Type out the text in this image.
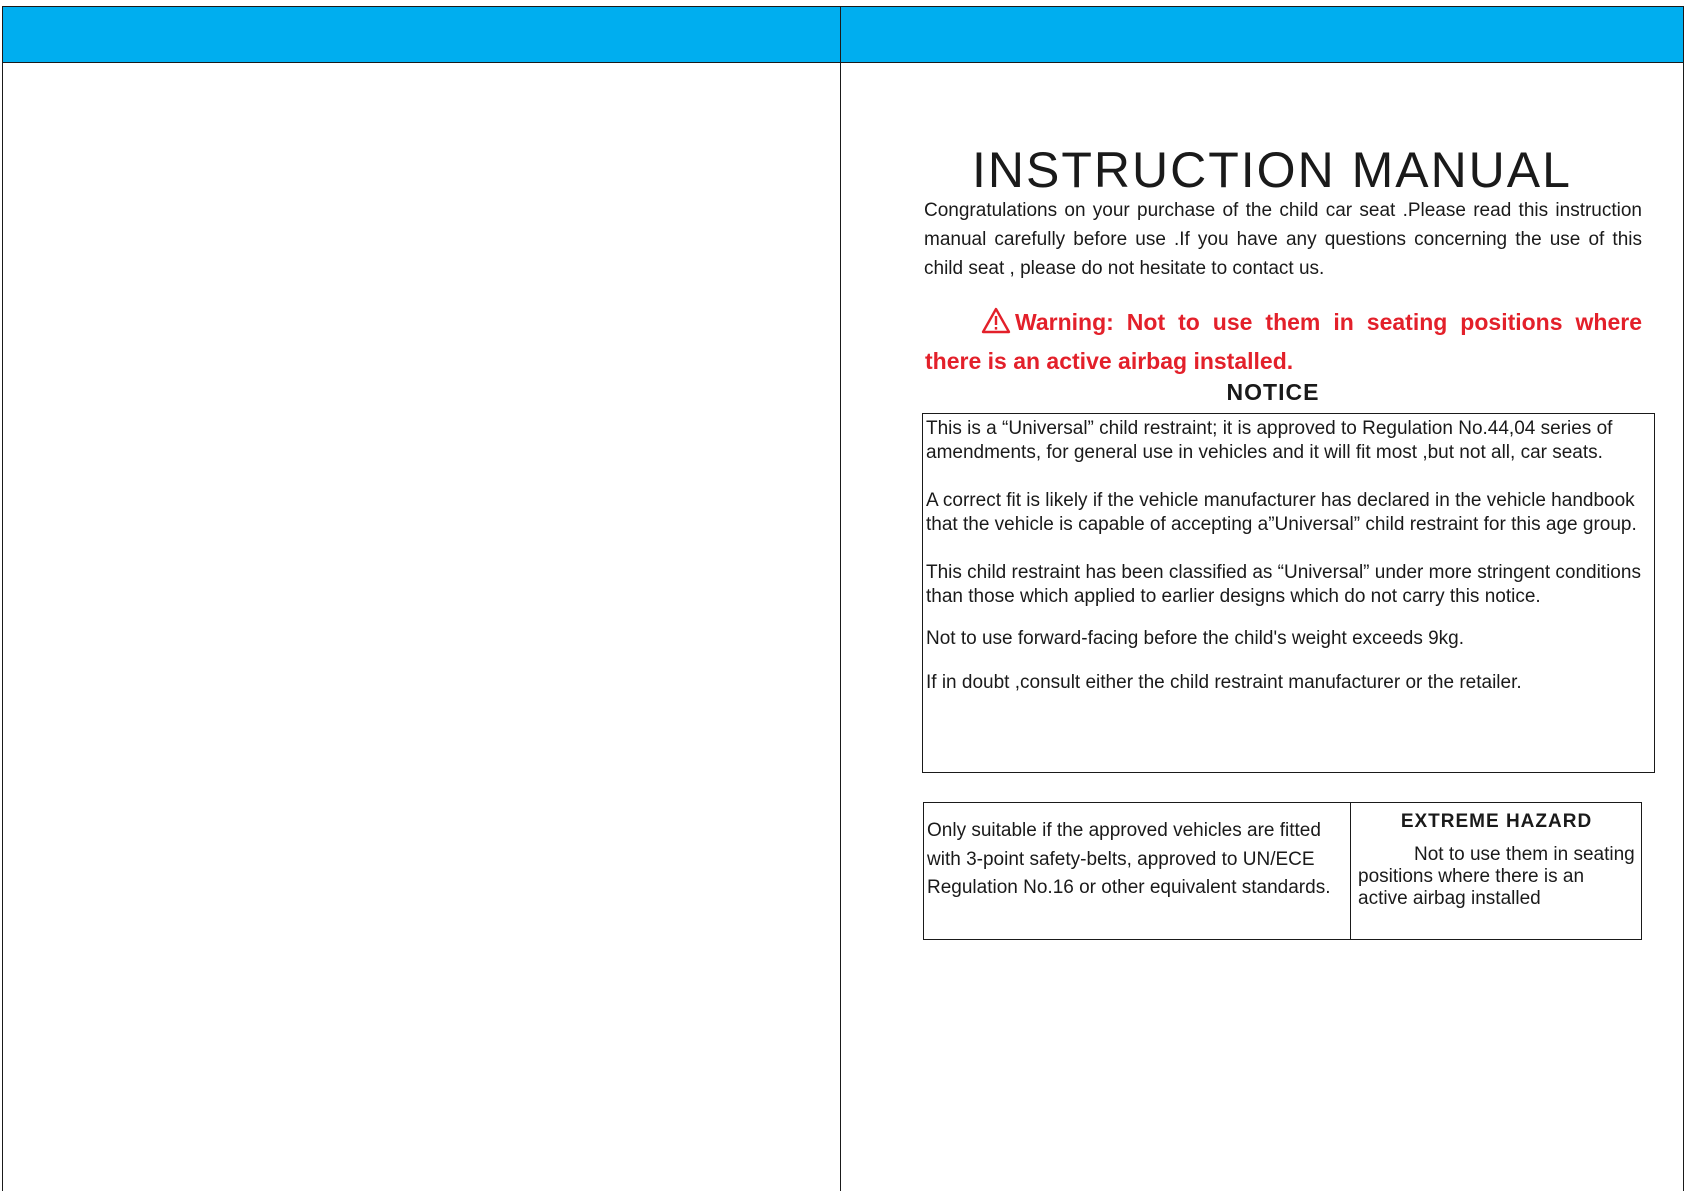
INSTRUCTION MANUAL

Congratulations on your purchase of the child car seat .Please read this instruction manual carefully before use .If you have any questions concerning the use of this child seat , please do not hesitate to contact us.

Warning: Not to use them in seating positions where there is an active airbag installed.

NOTICE

This is a “Universal” child restraint; it is approved to Regulation No.44,04 series of amendments, for general use in vehicles and it will fit most ,but not all, car seats.

A correct fit is likely if the vehicle manufacturer has declared in the vehicle handbook that the vehicle is capable of accepting a”Universal” child restraint for this age group.

This child restraint has been classified as “Universal” under more stringent conditions than those which applied to earlier designs which do not carry this notice.

Not to use forward-facing before the child's weight exceeds 9kg.

If in doubt ,consult either the child restraint manufacturer or the retailer.

Only suitable if the approved vehicles are fitted with 3-point safety-belts, approved to UN/ECE Regulation No.16 or other equivalent standards.

EXTREME HAZARD

Not to use them in seating positions where there is an active airbag installed
